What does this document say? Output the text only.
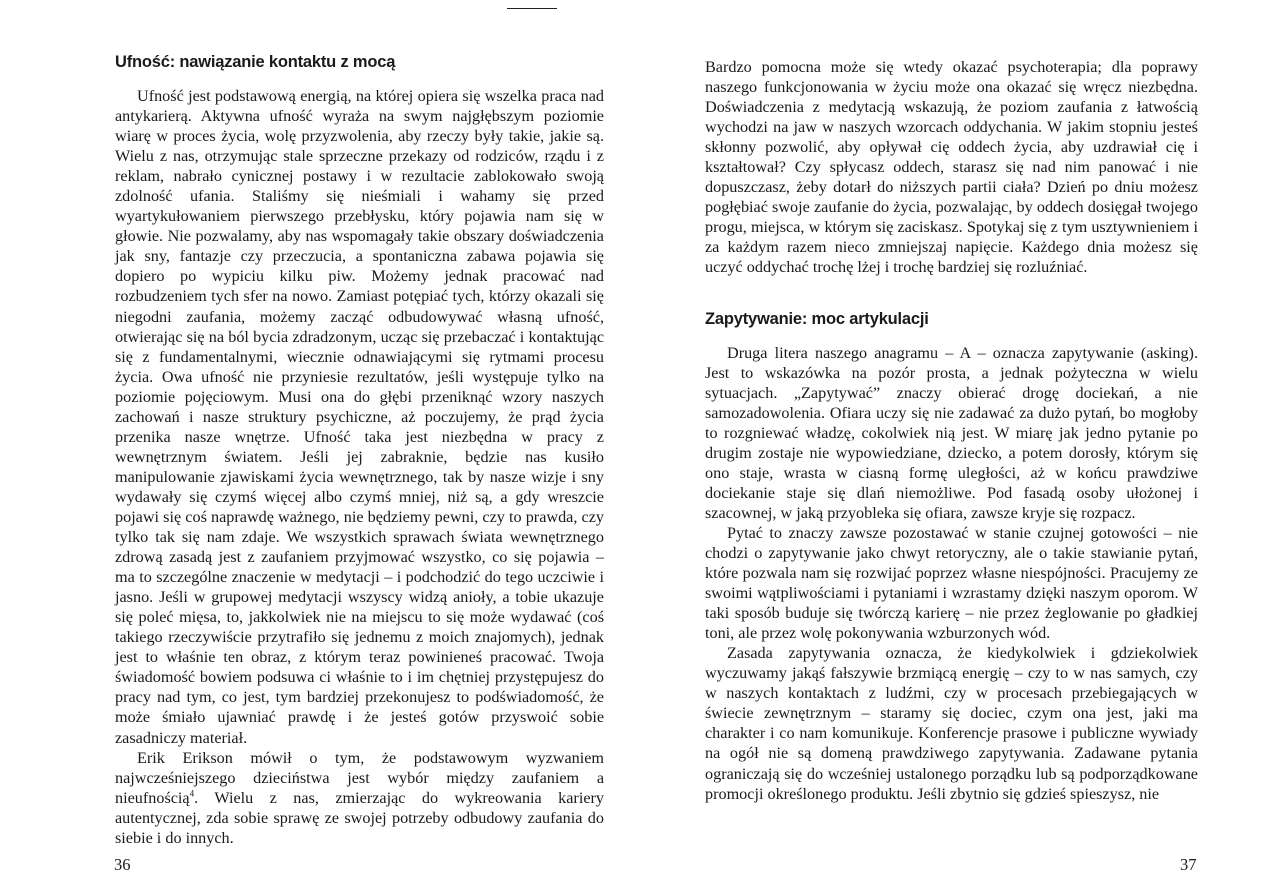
Ufność: nawiązanie kontaktu z mocą

Ufność jest podstawową energią, na której opiera się wszelka praca nad antykarierą. Aktywna ufność wyraża na swym najgłębszym poziomie wiarę w proces życia, wolę przyzwolenia, aby rzeczy były takie, jakie są. Wielu z nas, otrzymując stale sprzeczne przekazy od rodziców, rządu i z reklam, nabrało cynicznej postawy i w rezultacie zablokowało swoją zdolność ufania. Staliśmy się nieśmiali i wahamy się przed wyartykułowaniem pierwszego przebłysku, który pojawia nam się w głowie. Nie pozwalamy, aby nas wspomagały takie obszary doświadczenia jak sny, fantazje czy przeczucia, a spontaniczna zabawa pojawia się dopiero po wypiciu kilku piw. Możemy jednak pracować nad rozbudzeniem tych sfer na nowo. Zamiast potępiać tych, którzy okazali się niegodni zaufania, możemy zacząć odbudowywać własną ufność, otwierając się na ból bycia zdradzonym, ucząc się przebaczać i kontaktując się z fundamentalnymi, wiecznie odnawiającymi się rytmami procesu życia. Owa ufność nie przyniesie rezultatów, jeśli występuje tylko na poziomie pojęciowym. Musi ona do głębi przeniknąć wzory naszych zachowań i nasze struktury psychiczne, aż poczujemy, że prąd życia przenika nasze wnętrze. Ufność taka jest niezbędna w pracy z wewnętrznym światem. Jeśli jej zabraknie, będzie nas kusiło manipulowanie zjawiskami życia wewnętrznego, tak by nasze wizje i sny wydawały się czymś więcej albo czymś mniej, niż są, a gdy wreszcie pojawi się coś naprawdę ważnego, nie będziemy pewni, czy to prawda, czy tylko tak się nam zdaje. We wszystkich sprawach świata wewnętrznego zdrową zasadą jest z zaufaniem przyjmować wszystko, co się pojawia – ma to szczególne znaczenie w medytacji – i podchodzić do tego uczciwie i jasno. Jeśli w grupowej medytacji wszyscy widzą anioły, a tobie ukazuje się poleć mięsa, to, jakkolwiek nie na miejscu to się może wydawać (coś takiego rzeczywiście przytrafiło się jednemu z moich znajomych), jednak jest to właśnie ten obraz, z którym teraz powinieneś pracować. Twoja świadomość bowiem podsuwa ci właśnie to i im chętniej przystępujesz do pracy nad tym, co jest, tym bardziej przekonujesz to podświadomość, że może śmiało ujawniać prawdę i że jesteś gotów przyswoić sobie zasadniczy materiał.

Erik Erikson mówił o tym, że podstawowym wyzwaniem najwcześniejszego dzieciństwa jest wybór między zaufaniem a nieufnością$^4$. Wielu z nas, zmierzając do wykreowania kariery autentycznej, zda sobie sprawę ze swojej potrzeby odbudowy zaufania do siebie i do innych.

36

Bardzo pomocna może się wtedy okazać psychoterapia; dla poprawy naszego funkcjonowania w życiu może ona okazać się wręcz niezbędna. Doświadczenia z medytacją wskazują, że poziom zaufania z łatwością wychodzi na jaw w naszych wzorcach oddychania. W jakim stopniu jesteś skłonny pozwolić, aby opływał cię oddech życia, aby uzdrawiał cię i kształtował? Czy spłycasz oddech, starasz się nad nim panować i nie dopuszczasz, żeby dotarł do niższych partii ciała? Dzień po dniu możesz pogłębiać swoje zaufanie do życia, pozwalając, by oddech dosięgał twojego progu, miejsca, w którym się zaciskasz. Spotykaj się z tym usztywnieniem i za każdym razem nieco zmniejszaj napięcie. Każdego dnia możesz się uczyć oddychać trochę lżej i trochę bardziej się rozluźniać.

Zapytywanie: moc artykulacji

Druga litera naszego anagramu – A – oznacza zapytywanie (asking). Jest to wskazówka na pozór prosta, a jednak pożyteczna w wielu sytuacjach. „Zapytywać” znaczy obierać drogę dociekań, a nie samozadowolenia. Ofiara uczy się nie zadawać za dużo pytań, bo mogłoby to rozgniewać władzę, cokolwiek nią jest. W miarę jak jedno pytanie po drugim zostaje nie wypowiedziane, dziecko, a potem dorosły, którym się ono staje, wrasta w ciasną formę uległości, aż w końcu prawdziwe dociekanie staje się dlań niemożliwe. Pod fasadą osoby ułożonej i szacownej, w jaką przyobleka się ofiara, zawsze kryje się rozpacz.

Pytać to znaczy zawsze pozostawać w stanie czujnej gotowości – nie chodzi o zapytywanie jako chwyt retoryczny, ale o takie stawianie pytań, które pozwala nam się rozwijać poprzez własne niespójności. Pracujemy ze swoimi wątpliwościami i pytaniami i wzrastamy dzięki naszym oporom. W taki sposób buduje się twórczą karierę – nie przez żeglowanie po gładkiej toni, ale przez wolę pokonywania wzburzonych wód.

Zasada zapytywania oznacza, że kiedykolwiek i gdziekolwiek wyczuwamy jakąś fałszywie brzmiącą energię – czy to w nas samych, czy w naszych kontaktach z ludźmi, czy w procesach przebiegających w świecie zewnętrznym – staramy się dociec, czym ona jest, jaki ma charakter i co nam komunikuje. Konferencje prasowe i publiczne wywiady na ogół nie są domeną prawdziwego zapytywania. Zadawane pytania ograniczają się do wcześniej ustalonego porządku lub są podporządkowane promocji określonego produktu. Jeśli zbytnio się gdzieś spieszysz, nie

37
